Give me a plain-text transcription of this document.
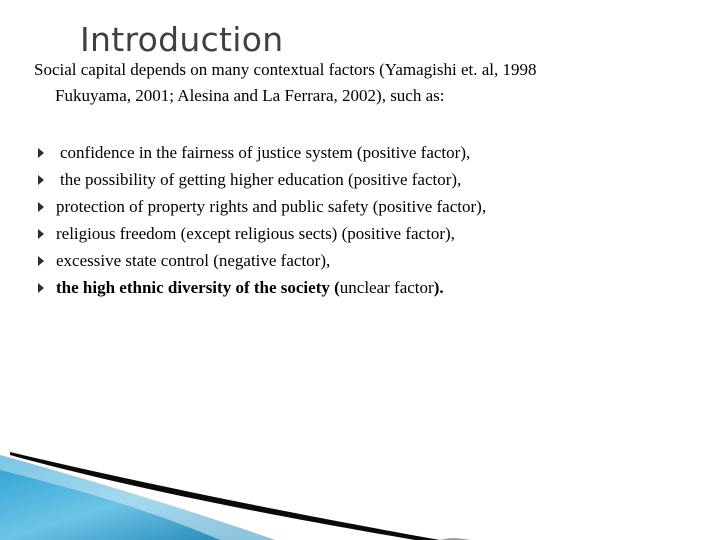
Introduction

Social capital depends on many contextual factors (Yamagishi et. al, 1998
Fukuyama, 2001; Alesina and La Ferrara, 2002), such as:

confidence in the fairness of justice system (positive factor),
the possibility of getting higher education (positive factor),
protection of property rights and public safety (positive factor),
religious freedom (except religious sects) (positive factor),
excessive state control (negative factor),
the high ethnic diversity of the society (unclear factor).
